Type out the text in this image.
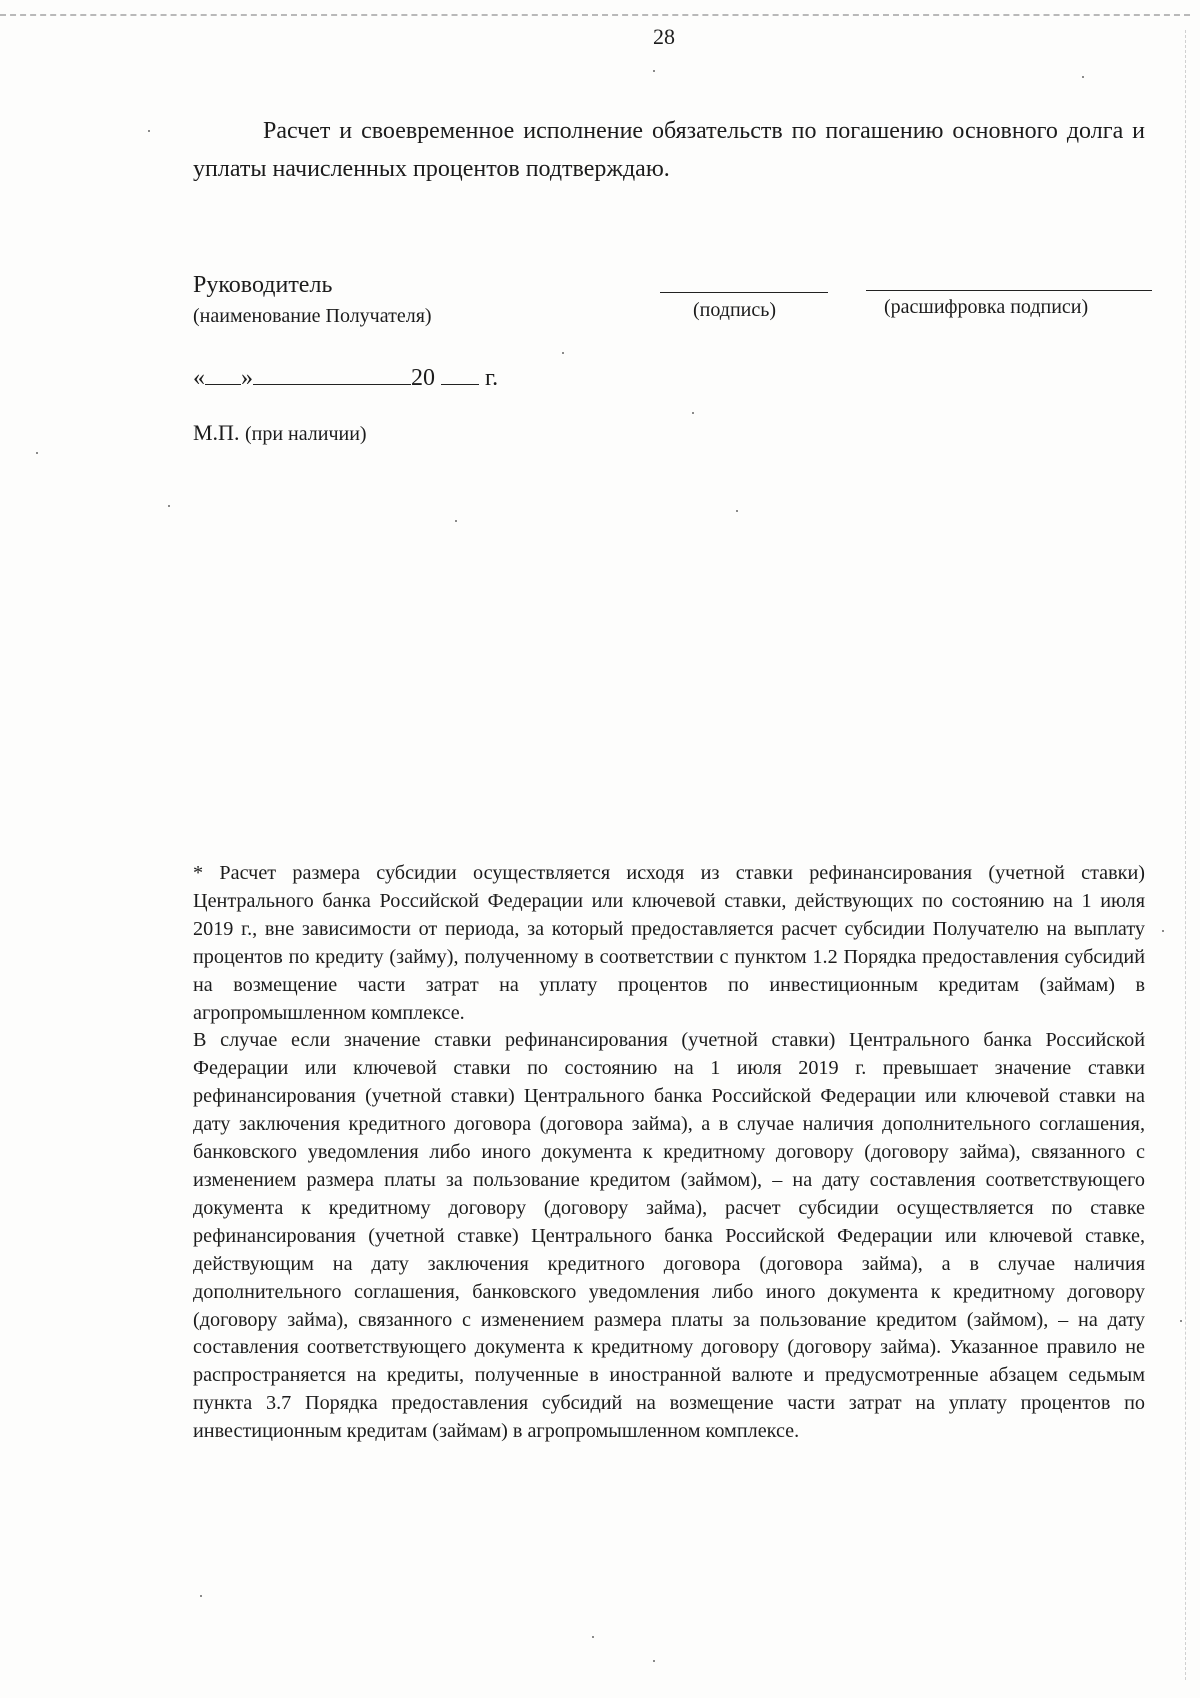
28
Расчет и своевременное исполнение обязательств по погашению основного долга и уплаты начисленных процентов подтверждаю.
Руководитель
(наименование Получателя)	(подпись)	(расшифровка подписи)
« »	20 г.
М.П. (при наличии)

* Расчет размера субсидии осуществляется исходя из ставки рефинансирования (учетной ставки) Центрального банка Российской Федерации или ключевой ставки, действующих по состоянию на 1 июля 2019 г., вне зависимости от периода, за который предоставляется расчет субсидии Получателю на выплату процентов по кредиту (займу), полученному в соответствии с пунктом 1.2 Порядка предоставления субсидий на возмещение части затрат на уплату процентов по инвестиционным кредитам (займам) в агропромышленном комплексе.

В случае если значение ставки рефинансирования (учетной ставки) Центрального банка Российской Федерации или ключевой ставки по состоянию на 1 июля 2019 г. превышает значение ставки рефинансирования (учетной ставки) Центрального банка Российской Федерации или ключевой ставки на дату заключения кредитного договора (договора займа), а в случае наличия дополнительного соглашения, банковского уведомления либо иного документа к кредитному договору (договору займа), связанного с изменением размера платы за пользование кредитом (займом), – на дату составления соответствующего документа к кредитному договору (договору займа), расчет субсидии осуществляется по ставке рефинансирования (учетной ставке) Центрального банка Российской Федерации или ключевой ставке, действующим на дату заключения кредитного договора (договора займа), а в случае наличия дополнительного соглашения, банковского уведомления либо иного документа к кредитному договору (договору займа), связанного с изменением размера платы за пользование кредитом (займом), – на дату составления соответствующего документа к кредитному договору (договору займа). Указанное правило не распространяется на кредиты, полученные в иностранной валюте и предусмотренные абзацем седьмым пункта 3.7 Порядка предоставления субсидий на возмещение части затрат на уплату процентов по инвестиционным кредитам (займам) в агропромышленном комплексе.
